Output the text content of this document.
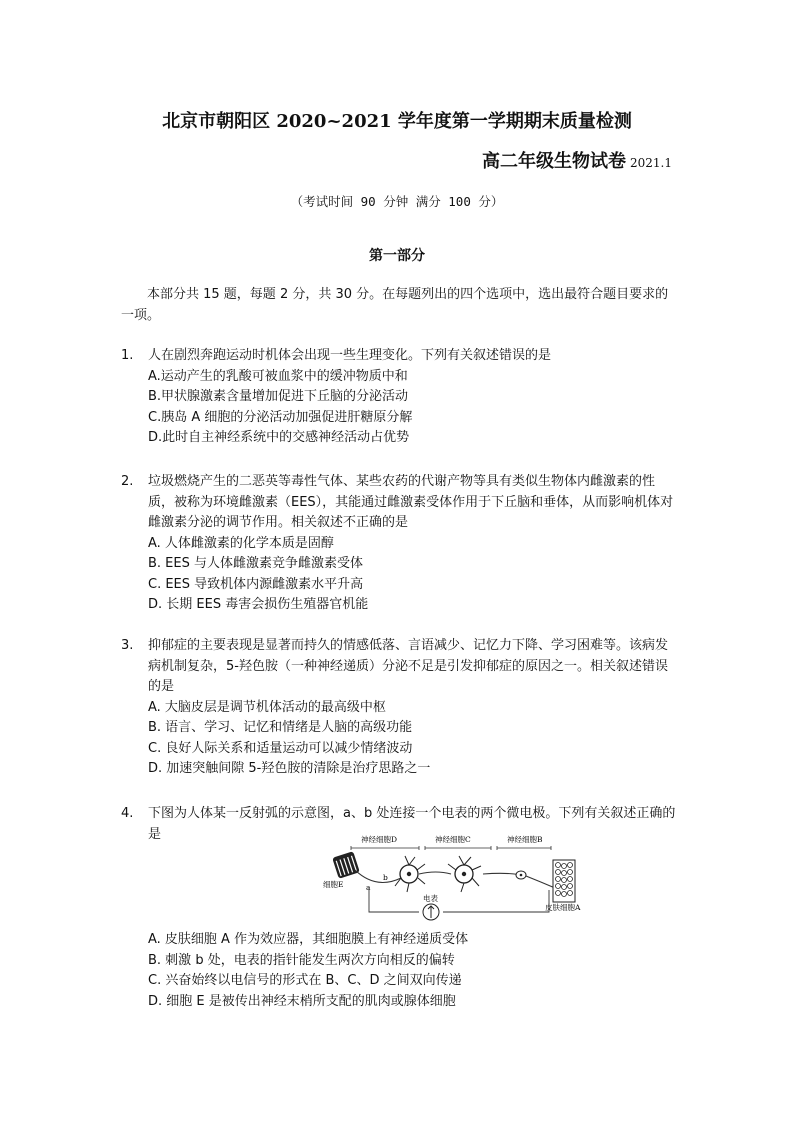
北京市朝阳区 2020~2021 学年度第一学期期末质量检测
高二年级生物试卷 2021.1
（考试时间 90 分钟 满分 100 分）
第一部分
本部分共 15 题，每题 2 分，共 30 分。在每题列出的四个选项中，选出最符合题目要求的一项。
1. 人在剧烈奔跑运动时机体会出现一些生理变化。下列有关叙述错误的是
A.运动产生的乳酸可被血浆中的缓冲物质中和
B.甲状腺激素含量增加促进下丘脑的分泌活动
C.胰岛 A 细胞的分泌活动加强促进肝糖原分解
D.此时自主神经系统中的交感神经活动占优势
2. 垃圾燃烧产生的二恶英等毒性气体、某些农药的代谢产物等具有类似生物体内雌激素的性质，被称为环境雌激素（EES），其能通过雌激素受体作用于下丘脑和垂体，从而影响机体对雌激素分泌的调节作用。相关叙述不正确的是
A. 人体雌激素的化学本质是固醇
B. EES 与人体雌激素竞争雌激素受体
C. EES 导致机体内源雌激素水平升高
D. 长期 EES 毒害会损伤生殖器官机能
3. 抑郁症的主要表现是显著而持久的情感低落、言语减少、记忆力下降、学习困难等。该病发病机制复杂，5-羟色胺（一种神经递质）分泌不足是引发抑郁症的原因之一。相关叙述错误的是
A. 大脑皮层是调节机体活动的最高级中枢
B. 语言、学习、记忆和情绪是人脑的高级功能
C. 良好人际关系和适量运动可以减少情绪波动
D. 加速突触间隙 5-羟色胺的清除是治疗思路之一
4. 下图为人体某一反射弧的示意图，a、b 处连接一个电表的两个微电极。下列有关叙述正确的是	神经细胞D	神经细胞C	神经细胞B
细胞E	a
b
电表
皮肤细胞A
A. 皮肤细胞 A 作为效应器，其细胞膜上有神经递质受体
B. 刺激 b 处，电表的指针能发生两次方向相反的偏转
C. 兴奋始终以电信号的形式在 B、C、D 之间双向传递
D. 细胞 E 是被传出神经末梢所支配的肌肉或腺体细胞
